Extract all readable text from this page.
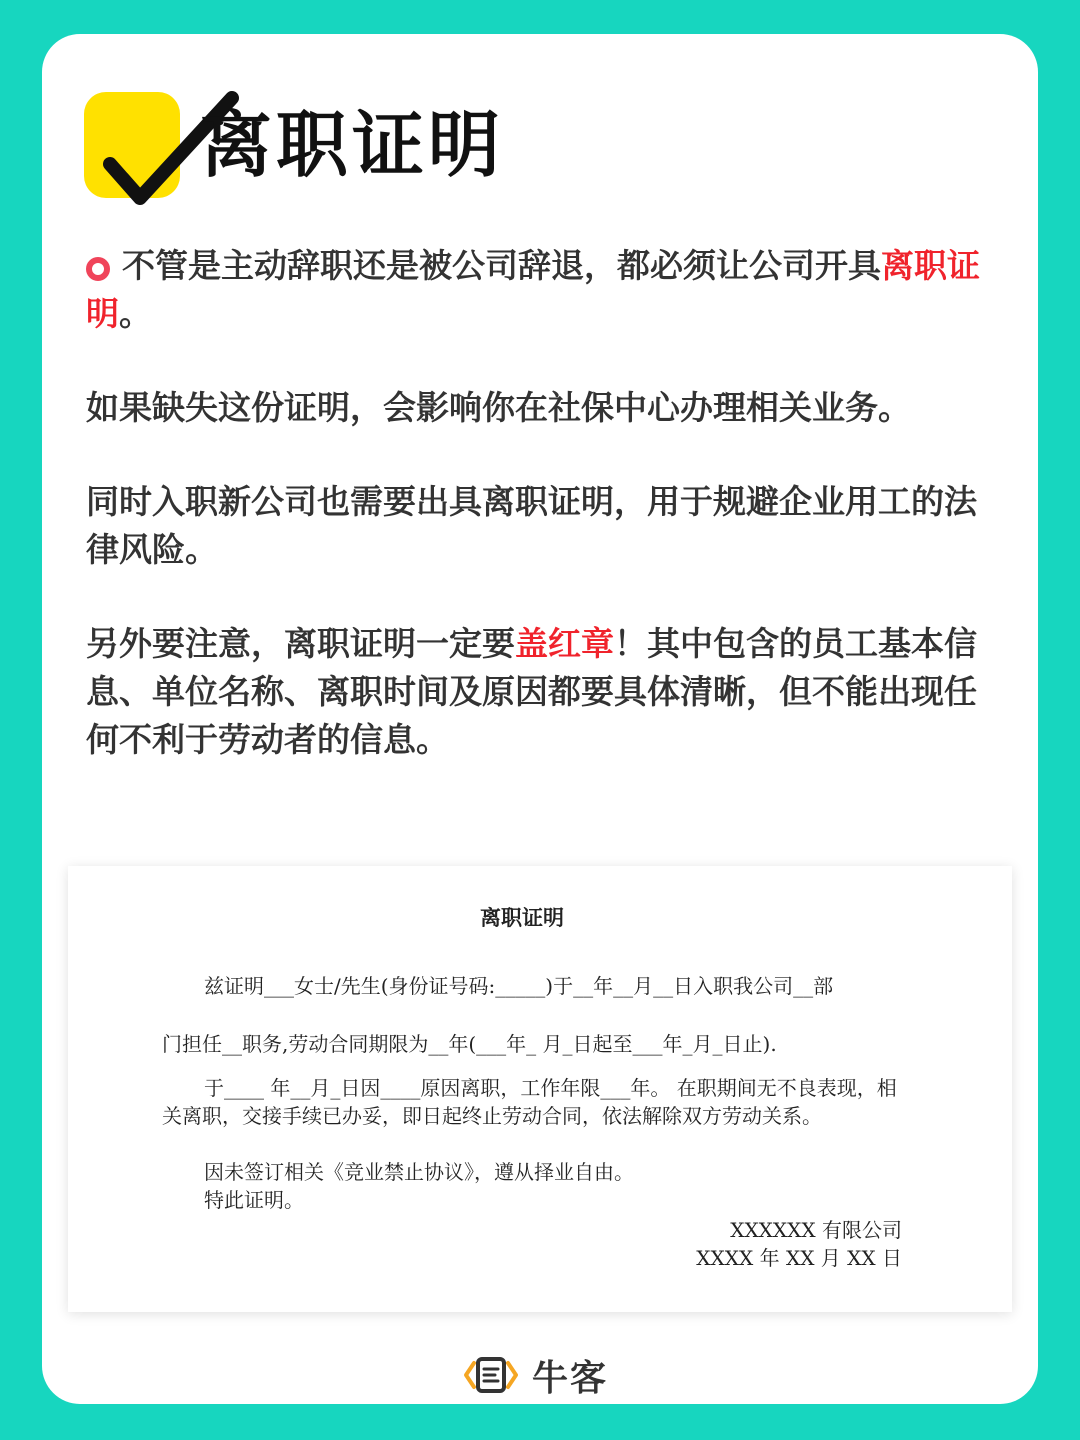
离职证明

不管是主动辞职还是被公司辞退，都必须让公司开具离职证明。

如果缺失这份证明，会影响你在社保中心办理相关业务。

同时入职新公司也需要出具离职证明，用于规避企业用工的法律风险。

另外要注意，离职证明一定要盖红章！其中包含的员工基本信息、单位名称、离职时间及原因都要具体清晰，但不能出现任何不利于劳动者的信息。

离职证明

兹证明___女士/先生(身份证号码:_____)于__年__月__日入职我公司__部

门担任__职务,劳动合同期限为__年(___年_ 月_日起至___年_月_日止).

于____ 年__月_日因____原因离职，工作年限___年。 在职期间无不良表现，相关离职，交接手续已办妥，即日起终止劳动合同，依法解除双方劳动关系。

因未签订相关《竞业禁止协议》，遵从择业自由。

特此证明。

XXXXXX 有限公司
XXXX 年 XX 月 XX 日
牛客
